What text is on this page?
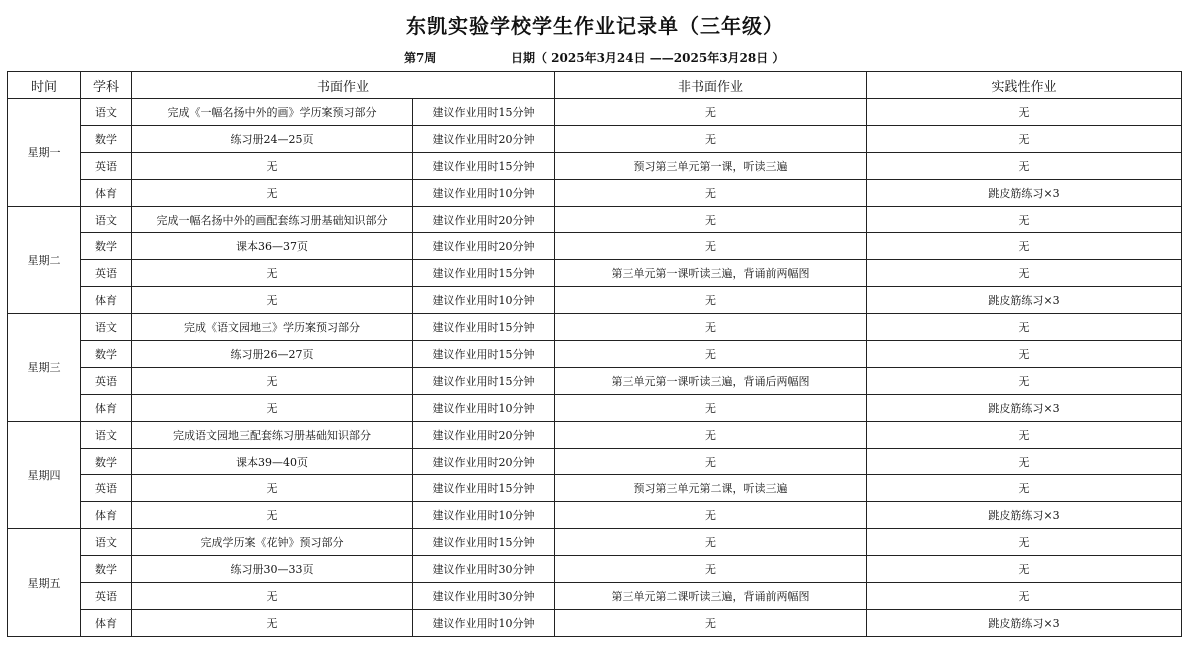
东凯实验学校学生作业记录单（三年级）
第7周	日期（ 2025年3月24日 ——2025年3月28日 ）
时间	学科	书面作业		非书面作业	实践性作业
星期一	语文	完成《一幅名扬中外的画》学历案预习部分	建议作业用时15分钟	无	无
	数学	练习册24—25页	建议作业用时20分钟	无	无
	英语	无	建议作业用时15分钟	预习第三单元第一课，听读三遍	无
	体育	无	建议作业用时10分钟	无	跳皮筋练习×3
星期二	语文	完成一幅名扬中外的画配套练习册基础知识部分	建议作业用时20分钟	无	无
	数学	课本36—37页	建议作业用时20分钟	无	无
	英语	无	建议作业用时15分钟	第三单元第一课听读三遍，背诵前两幅图	无
	体育	无	建议作业用时10分钟	无	跳皮筋练习×3
星期三	语文	完成《语文园地三》学历案预习部分	建议作业用时15分钟	无	无
	数学	练习册26—27页	建议作业用时15分钟	无	无
	英语	无	建议作业用时15分钟	第三单元第一课听读三遍，背诵后两幅图	无
	体育	无	建议作业用时10分钟	无	跳皮筋练习×3
星期四	语文	完成语文园地三配套练习册基础知识部分	建议作业用时20分钟	无	无
	数学	课本39—40页	建议作业用时20分钟	无	无
	英语	无	建议作业用时15分钟	预习第三单元第二课，听读三遍	无
	体育	无	建议作业用时10分钟	无	跳皮筋练习×3
星期五	语文	完成学历案《花钟》预习部分	建议作业用时15分钟	无	无
	数学	练习册30—33页	建议作业用时30分钟	无	无
	英语	无	建议作业用时30分钟	第三单元第二课听读三遍，背诵前两幅图	无
	体育	无	建议作业用时10分钟	无	跳皮筋练习×3
